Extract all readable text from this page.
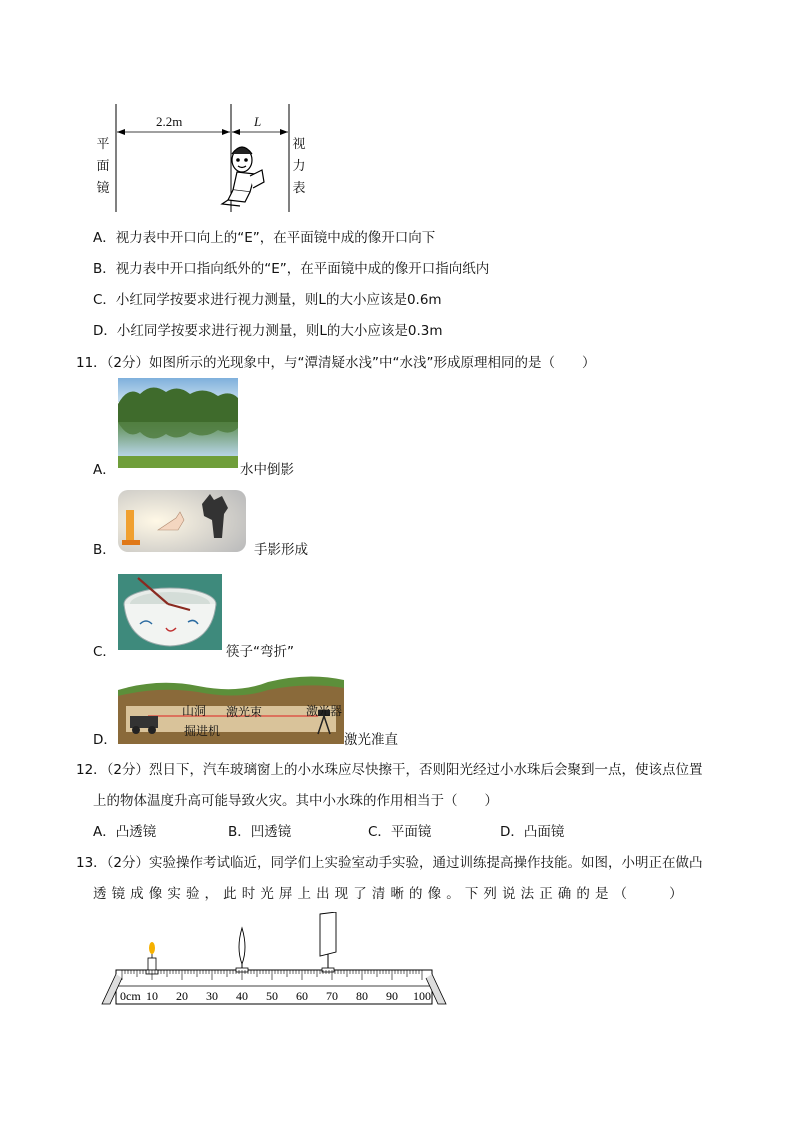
2.2m	L
平
面
镜
视
力
表
A．视力表中开口向上的“E”，在平面镜中成的像开口向下
B．视力表中开口指向纸外的“E”，在平面镜中成的像开口指向纸内
C．小红同学按要求进行视力测量，则L的大小应该是0.6m
D．小红同学按要求进行视力测量，则L的大小应该是0.3m
11．（2分）如图所示的光现象中，与“潭清疑水浅”中“水浅”形成原理相同的是（　　）
A．	水中倒影
B．	手影形成
C．	筷子“弯折”
山洞 激光束	激光器
掘进机
D．	激光准直
12．（2分）烈日下，汽车玻璃窗上的小水珠应尽快擦干，否则阳光经过小水珠后会聚到一点，使该点位置
上的物体温度升高可能导致火灾。其中小水珠的作用相当于（　　）
A．凸透镜	B．凹透镜	C．平面镜	D．凸面镜
13．（2分）实验操作考试临近，同学们上实验室动手实验，通过训练提高操作技能。如图，小明正在做凸
透 镜 成 像 实 验 ， 此 时 光 屏 上 出 现 了 清 晰 的 像 。 下 列 说 法 正 确 的 是 （　　　）
0cm 10 20 30 40 50 60 70 80 90 100
